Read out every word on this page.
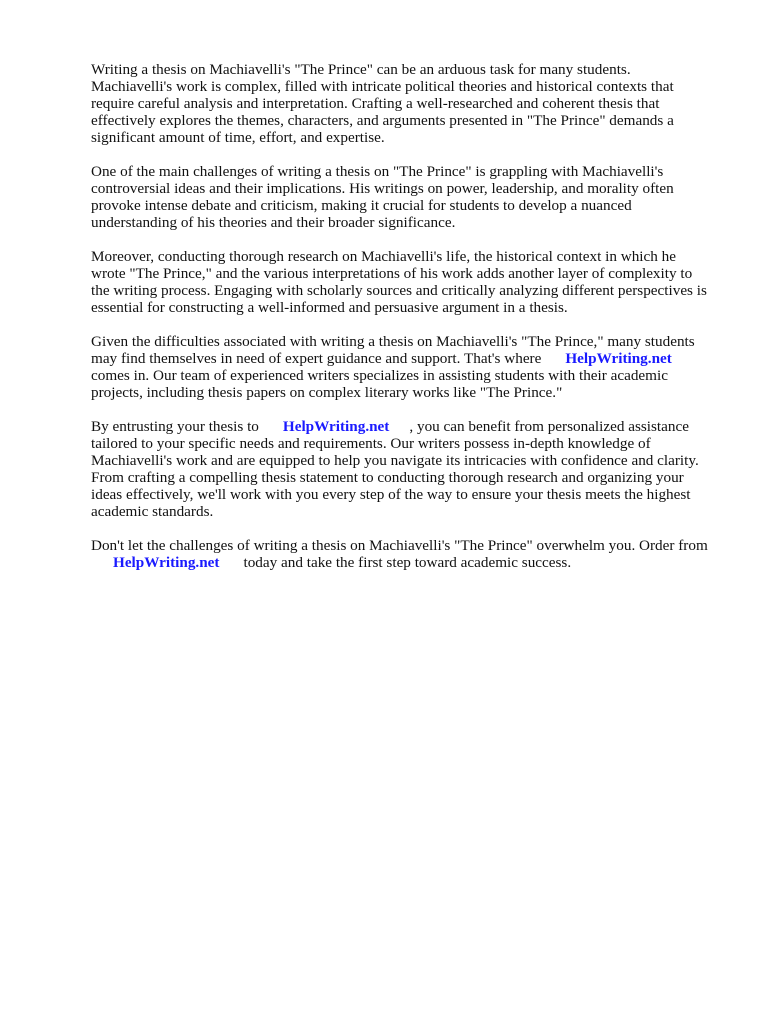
Writing a thesis on Machiavelli's "The Prince" can be an arduous task for many students.
Machiavelli's work is complex, filled with intricate political theories and historical contexts that
require careful analysis and interpretation. Crafting a well-researched and coherent thesis that
effectively explores the themes, characters, and arguments presented in "The Prince" demands a
significant amount of time, effort, and expertise.
One of the main challenges of writing a thesis on "The Prince" is grappling with Machiavelli's
controversial ideas and their implications. His writings on power, leadership, and morality often
provoke intense debate and criticism, making it crucial for students to develop a nuanced
understanding of his theories and their broader significance.
Moreover, conducting thorough research on Machiavelli's life, the historical context in which he
wrote "The Prince," and the various interpretations of his work adds another layer of complexity to
the writing process. Engaging with scholarly sources and critically analyzing different perspectives is
essential for constructing a well-informed and persuasive argument in a thesis.
Given the difficulties associated with writing a thesis on Machiavelli's "The Prince," many students
may find themselves in need of expert guidance and support. That's where HelpWriting.net
comes in. Our team of experienced writers specializes in assisting students with their academic
projects, including thesis papers on complex literary works like "The Prince."
By entrusting your thesis to HelpWriting.net , you can benefit from personalized assistance
tailored to your specific needs and requirements. Our writers possess in-depth knowledge of
Machiavelli's work and are equipped to help you navigate its intricacies with confidence and clarity.
From crafting a compelling thesis statement to conducting thorough research and organizing your
ideas effectively, we'll work with you every step of the way to ensure your thesis meets the highest
academic standards.
Don't let the challenges of writing a thesis on Machiavelli's "The Prince" overwhelm you. Order from
HelpWriting.net today and take the first step toward academic success.
